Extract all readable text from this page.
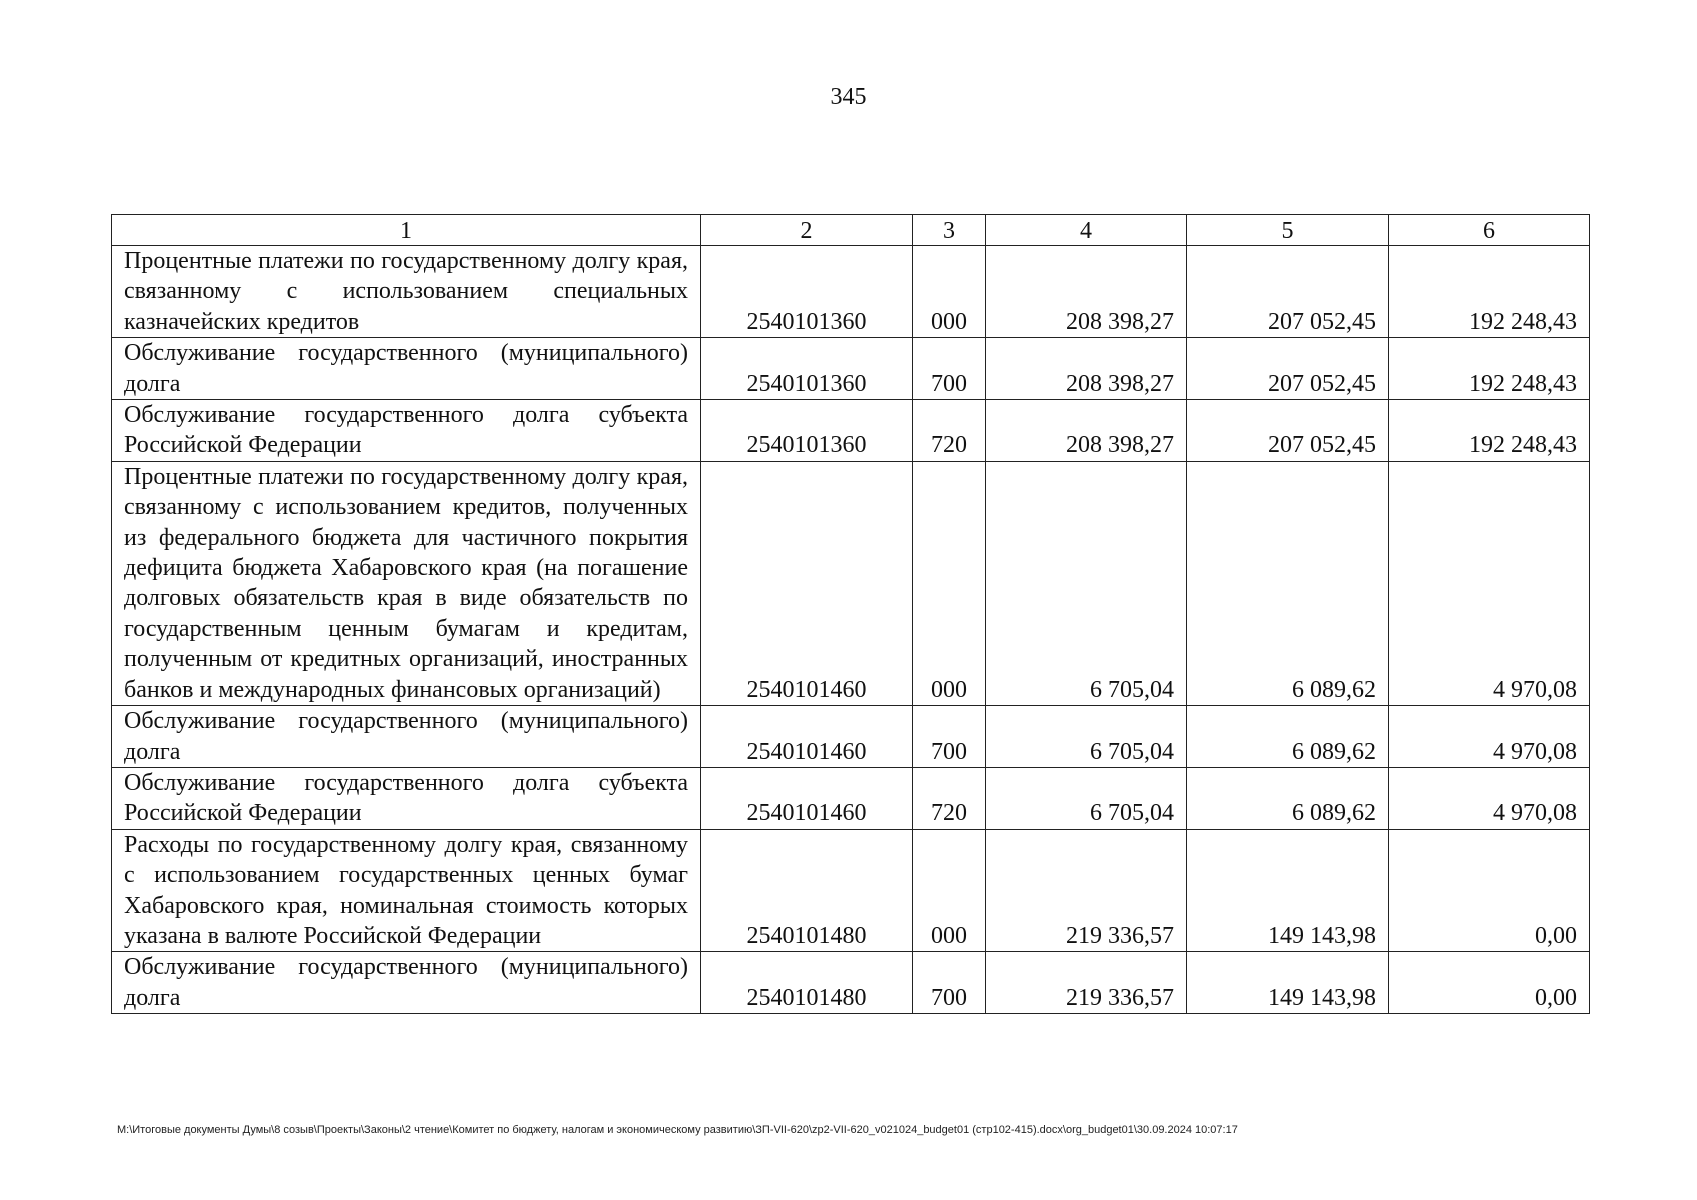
345
1	2	3	4	5	6
Процентные платежи по государственному долгу края, связанному с использованием специальных казначейских кредитов	2540101360	000	208 398,27	207 052,45	192 248,43
Обслуживание государственного (муниципального) долга	2540101360	700	208 398,27	207 052,45	192 248,43
Обслуживание государственного долга субъекта Российской Федерации	2540101360	720	208 398,27	207 052,45	192 248,43
Процентные платежи по государственному долгу края, связанному с использованием кредитов, полученных из федерального бюджета для частичного покрытия дефицита бюджета Хабаровского края (на погашение долговых обязательств края в виде обязательств по государственным ценным бумагам и кредитам, полученным от кредитных организаций, иностранных банков и международных финансовых организаций)	2540101460	000	6 705,04	6 089,62	4 970,08
Обслуживание государственного (муниципального) долга	2540101460	700	6 705,04	6 089,62	4 970,08
Обслуживание государственного долга субъекта Российской Федерации	2540101460	720	6 705,04	6 089,62	4 970,08
Расходы по государственному долгу края, связанному с использованием государственных ценных бумаг Хабаровского края, номинальная стоимость которых указана в валюте Российской Федерации	2540101480	000	219 336,57	149 143,98	0,00
Обслуживание государственного (муниципального) долга	2540101480	700	219 336,57	149 143,98	0,00
M:\Итоговые документы Думы\8 созыв\Проекты\Законы\2 чтение\Комитет по бюджету, налогам и экономическому развитию\ЗП-VII-620\zp2-VII-620_v021024_budget01 (стр102-415).docx\org_budget01\30.09.2024 10:07:17
